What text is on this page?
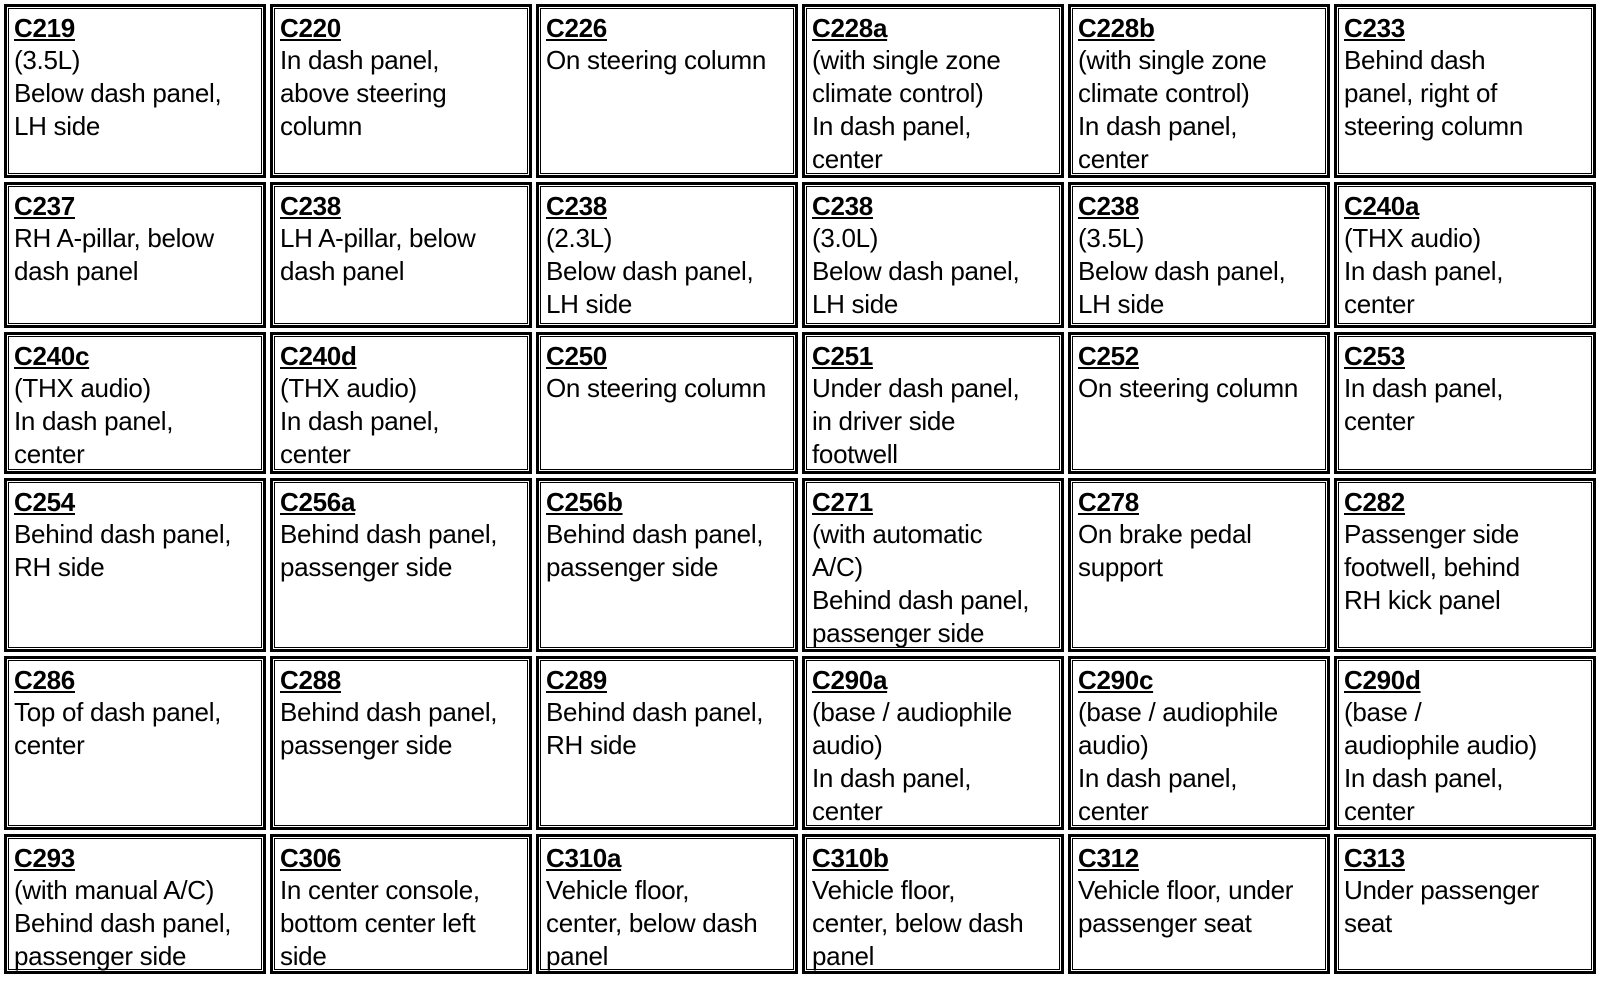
C219
(3.5L)
Below dash panel,
LH side
C220
In dash panel,
above steering
column
C226
On steering column
C228a
(with single zone
climate control)
In dash panel,
center
C228b
(with single zone
climate control)
In dash panel,
center
C233
Behind dash
panel, right of
steering column
C237
RH A-pillar, below
dash panel
C238
LH A-pillar, below
dash panel
C238
(2.3L)
Below dash panel,
LH side
C238
(3.0L)
Below dash panel,
LH side
C238
(3.5L)
Below dash panel,
LH side
C240a
(THX audio)
In dash panel,
center
C240c
(THX audio)
In dash panel,
center
C240d
(THX audio)
In dash panel,
center
C250
On steering column
C251
Under dash panel,
in driver side
footwell
C252
On steering column
C253
In dash panel,
center
C254
Behind dash panel,
RH side
C256a
Behind dash panel,
passenger side
C256b
Behind dash panel,
passenger side
C271
(with automatic
A/C)
Behind dash panel,
passenger side
C278
On brake pedal
support
C282
Passenger side
footwell, behind
RH kick panel
C286
Top of dash panel,
center
C288
Behind dash panel,
passenger side
C289
Behind dash panel,
RH side
C290a
(base / audiophile
audio)
In dash panel,
center
C290c
(base / audiophile
audio)
In dash panel,
center
C290d
(base /
audiophile audio)
In dash panel,
center
C293
(with manual A/C)
Behind dash panel,
passenger side
C306
In center console,
bottom center left
side
C310a
Vehicle floor,
center, below dash
panel
C310b
Vehicle floor,
center, below dash
panel
C312
Vehicle floor, under
passenger seat
C313
Under passenger
seat
